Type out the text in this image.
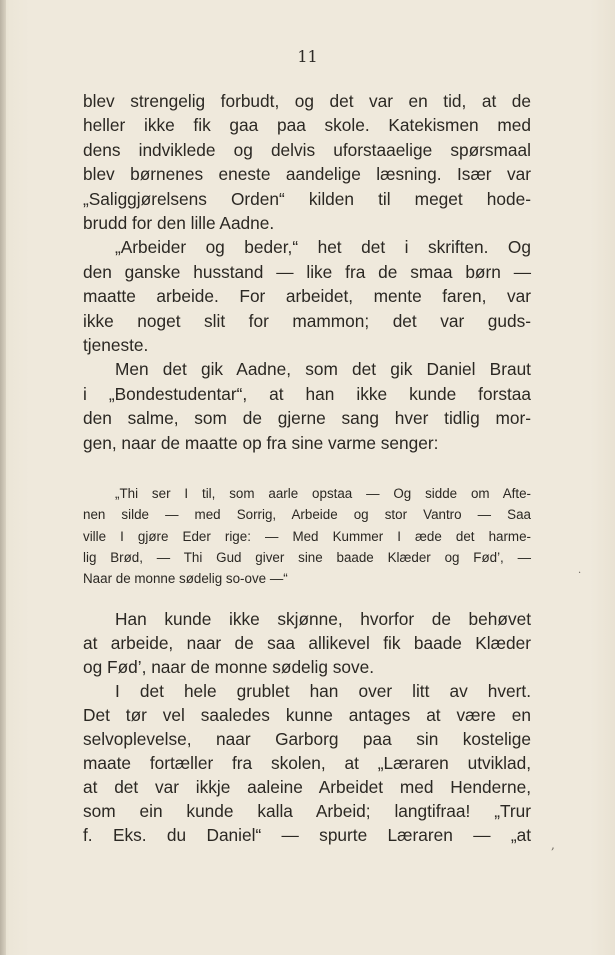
11
blev strengelig forbudt, og det var en tid, at de
heller ikke fik gaa paa skole. Katekismen med
dens indviklede og delvis uforstaaelige spørsmaal
blev børnenes eneste aandelige læsning. Især var
„Saliggjørelsens Orden“ kilden til meget hode-
brudd for den lille Aadne.
„Arbeider og beder,“ het det i skriften. Og
den ganske husstand — like fra de smaa børn —
maatte arbeide. For arbeidet, mente faren, var
ikke noget slit for mammon; det var guds-
tjeneste.
Men det gik Aadne, som det gik Daniel Braut
i „Bondestudentar“, at han ikke kunde forstaa
den salme, som de gjerne sang hver tidlig mor-
gen, naar de maatte op fra sine varme senger:
„Thi ser I til, som aarle opstaa — Og sidde om Afte-
nen silde — med Sorrig, Arbeide og stor Vantro — Saa
ville I gjøre Eder rige: — Med Kummer I æde det harme-
lig Brød, — Thi Gud giver sine baade Klæder og Fød’, —
Naar de monne sødelig so-ove —“
Han kunde ikke skjønne, hvorfor de behøvet
at arbeide, naar de saa allikevel fik baade Klæder
og Fød’, naar de monne sødelig sove.
I det hele grublet han over litt av hvert.
Det tør vel saaledes kunne antages at være en
selvoplevelse, naar Garborg paa sin kostelige
maate fortæller fra skolen, at „Læraren utviklad,
at det var ikkje aaleine Arbeidet med Henderne,
som ein kunde kalla Arbeid; langtifraa! „Trur
f. Eks. du Daniel“ — spurte Læraren — „at
.
,
